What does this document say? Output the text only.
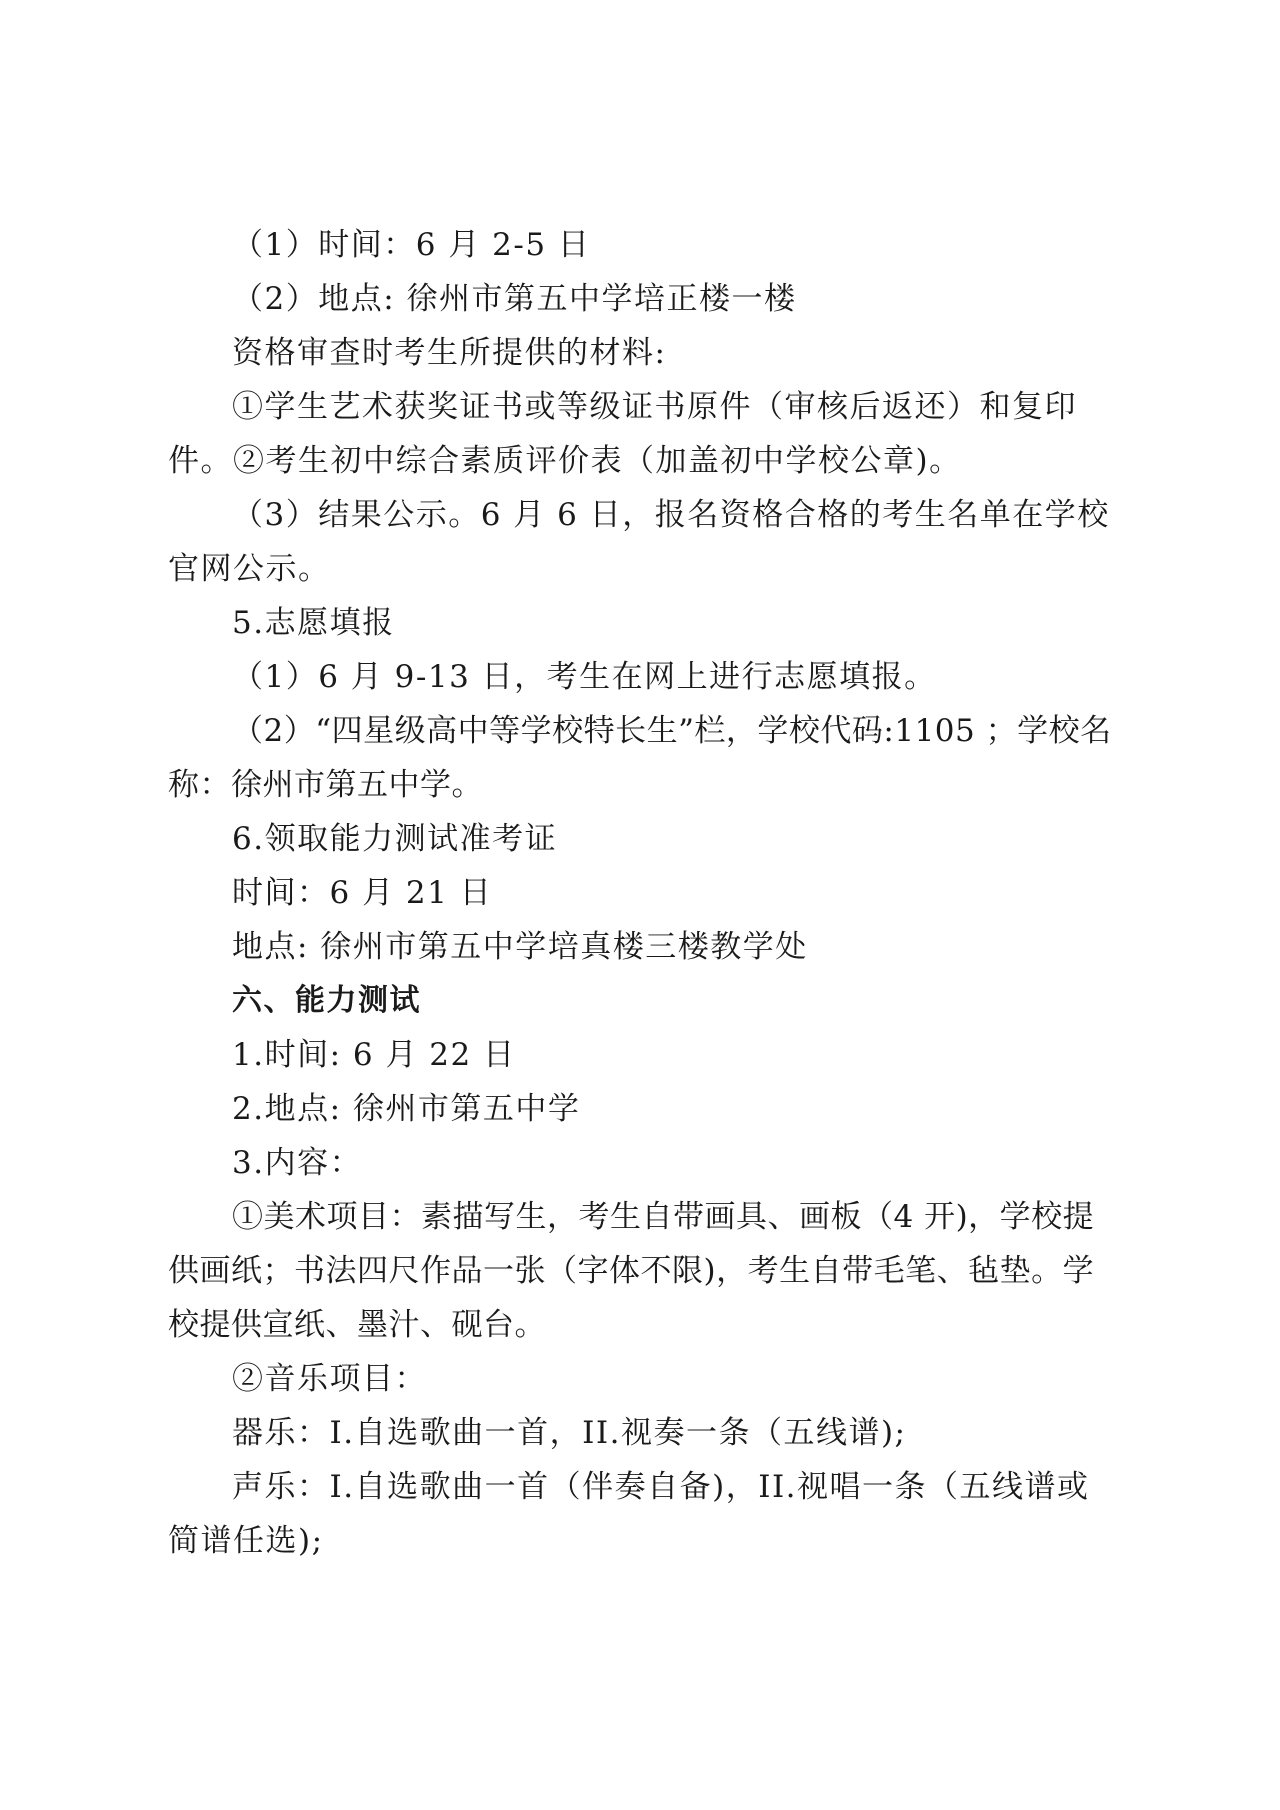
（1）时间：6 月 2-5 日

（2）地点: 徐州市第五中学培正楼一楼

资格审查时考生所提供的材料:

①学生艺术获奖证书或等级证书原件（审核后返还）和复印件。②考生初中综合素质评价表（加盖初中学校公章)。

（3）结果公示。6 月 6 日，报名资格合格的考生名单在学校官网公示。

5.志愿填报

（1）6 月 9-13 日，考生在网上进行志愿填报。

（2）“四星级高中等学校特长生”栏，学校代码:1105 ；学校名称：徐州市第五中学。

6.领取能力测试准考证

时间：6 月 21 日

地点: 徐州市第五中学培真楼三楼教学处

六、能力测试

1.时间: 6 月 22 日

2.地点: 徐州市第五中学

3.内容：

①美术项目：素描写生，考生自带画具、画板（4 开)，学校提供画纸；书法四尺作品一张（字体不限)，考生自带毛笔、毡垫。学校提供宣纸、墨汁、砚台。

②音乐项目：

器乐：I.自选歌曲一首，II.视奏一条（五线谱);

声乐：I.自选歌曲一首（伴奏自备)，II.视唱一条（五线谱或简谱任选);
